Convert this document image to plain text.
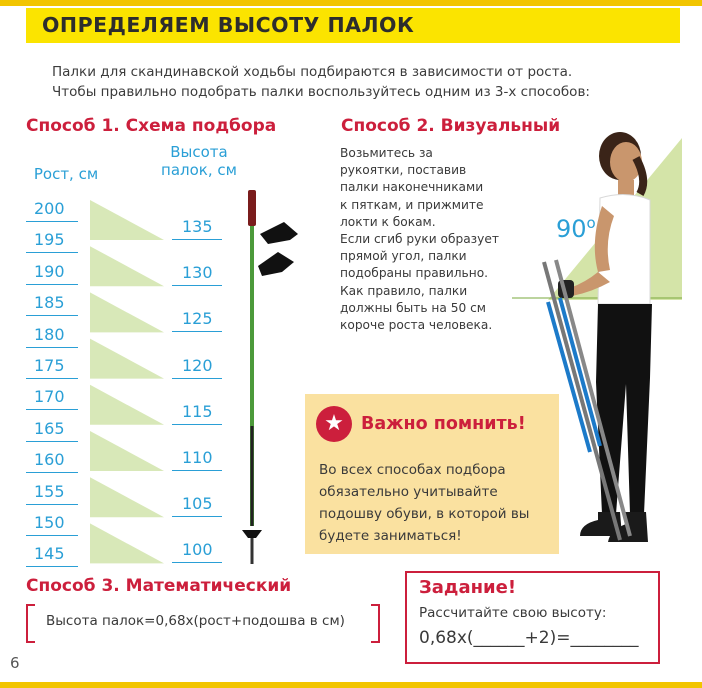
ОПРЕДЕЛЯЕМ ВЫСОТУ ПАЛОК
Палки для скандинавской ходьбы подбираются в зависимости от роста.
Чтобы правильно подобрать палки воспользуйтесь одним из 3-х способов:
Способ 1. Схема подбора
Рост, см
Высота
палок, см
200
195
190
185
180
175
170
165
160
155
150
145
135
130
125
120
115
110
105
100
Способ 2. Визуальный
Возьмитесь за
рукоятки, поставив
палки наконечниками
к пяткам, и прижмите
локти к бокам.
Если сгиб руки образует
прямой угол, палки
подобраны правильно.
Как правило, палки
должны быть на 50 см
короче роста человека.
$90^о$
★ Важно помнить!
Во всех способах подбора
обязательно учитывайте
подошву обуви, в которой вы
будете заниматься!
Способ 3. Математический
Высота палок=0,68х(рост+подошва в см)
Задание!
Рассчитайте свою высоту:
0,68х(______+2)=________
6
